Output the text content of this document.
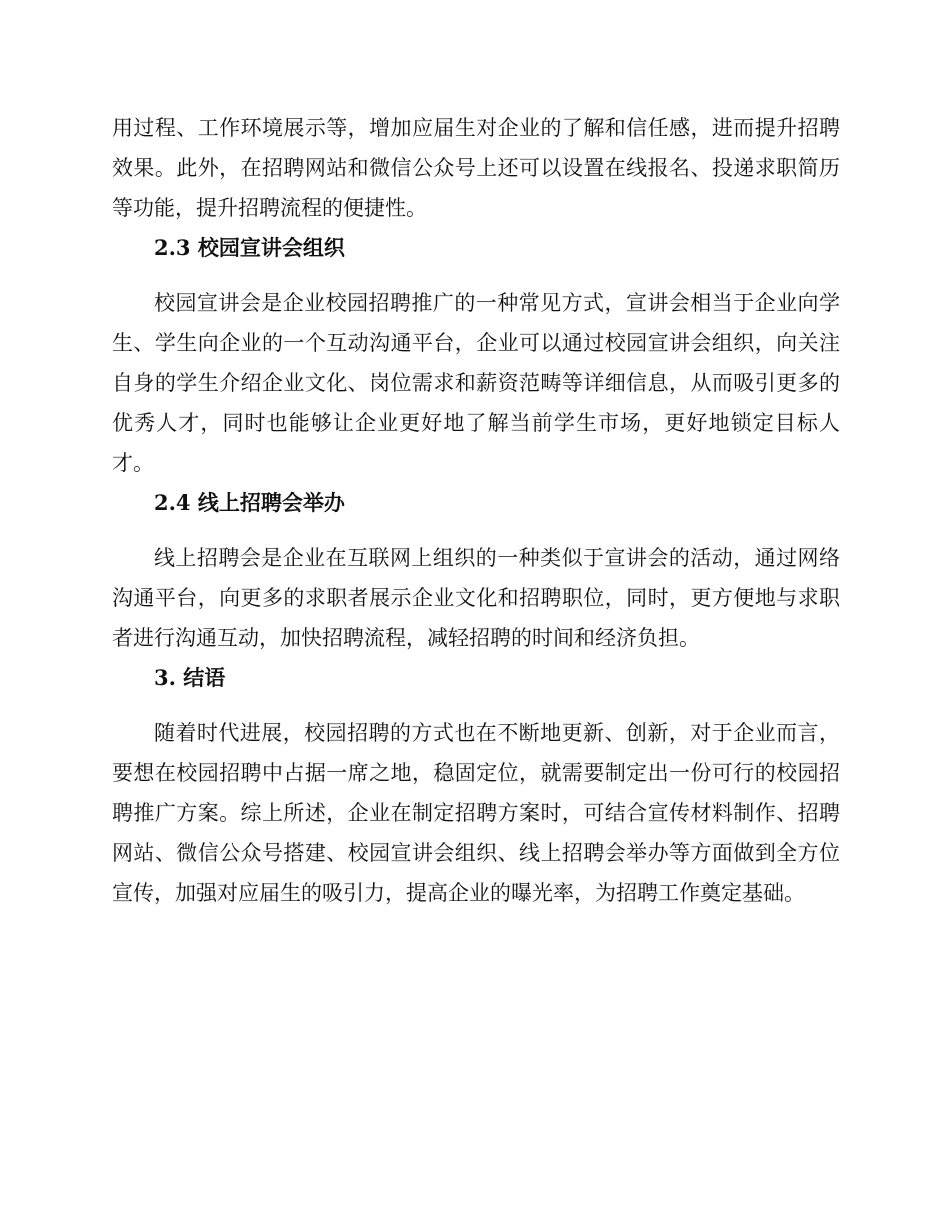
用过程、工作环境展示等，增加应届生对企业的了解和信任感，进而提升招聘效果。此外，在招聘网站和微信公众号上还可以设置在线报名、投递求职简历等功能，提升招聘流程的便捷性。

2.3 校园宣讲会组织

校园宣讲会是企业校园招聘推广的一种常见方式，宣讲会相当于企业向学生、学生向企业的一个互动沟通平台，企业可以通过校园宣讲会组织，向关注自身的学生介绍企业文化、岗位需求和薪资范畴等详细信息，从而吸引更多的优秀人才，同时也能够让企业更好地了解当前学生市场，更好地锁定目标人才。

2.4 线上招聘会举办

线上招聘会是企业在互联网上组织的一种类似于宣讲会的活动，通过网络沟通平台，向更多的求职者展示企业文化和招聘职位，同时，更方便地与求职者进行沟通互动，加快招聘流程，减轻招聘的时间和经济负担。

3. 结语

随着时代进展，校园招聘的方式也在不断地更新、创新，对于企业而言，要想在校园招聘中占据一席之地，稳固定位，就需要制定出一份可行的校园招聘推广方案。综上所述，企业在制定招聘方案时，可结合宣传材料制作、招聘网站、微信公众号搭建、校园宣讲会组织、线上招聘会举办等方面做到全方位宣传，加强对应届生的吸引力，提高企业的曝光率，为招聘工作奠定基础。
